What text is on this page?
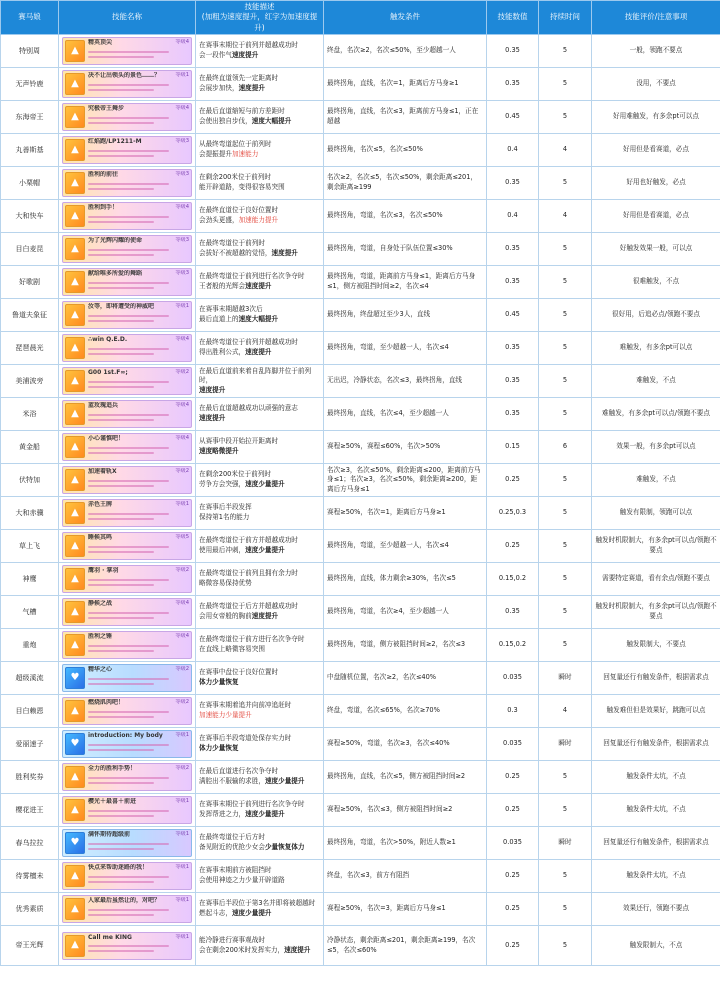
赛马娘	技能名称	技能描述
(加粗为速度提升，红字为加速度提升)	触发条件	技能数值	持续时间	技能评价/注意事项
特别周	▲
精英顶尖 等级4	在赛事末期位于前列并超越成功时
会一段作气速度提升	终盘，名次≥2，名次≤50%，至少超越一人	0.35	5	一般，领跑不要点
无声铃鹿	▲
决不让出领头的景色……？ 等级1	在最终直道领先一定距离时
会展步加快，速度提升	最终拐角，直线，名次=1，距离后方马身≥1	0.35	5	没用，不要点
东海帝王	▲
究极帝王舞步 等级4	在最后直道缩短与前方差距时
会使出独自步伐，速度大幅提升	最终拐角，直线，名次≤3，距离前方马身≤1，正在超越	0.45	5	好用难触发，有多余pt可以点
丸善斯基	▲
红焰跑/LP1211-M 等级3	从最终弯道起位于前列时
会提振提升加速能力	最终拐角，名次≤5，名次≤50%	0.4	4	好用但是看赛道，必点
小栗帽	▲
胜利的前往 等级3	在剩余200米位于前列时
能开辟道路，变得很容易突围	名次≥2，名次≤5，名次≤50%，剩余距离≤201，剩余距离≥199	0.35	5	好用也好触发，必点
大和快车	▲
胜利到手！ 等级4	在最终直道位于良好位置时
会劲头更盛，加速能力提升	最终拐角，弯道，名次≤3，名次≤50%	0.4	4	好用但是看赛道，必点
目白麦昆	▲
为了光辉闪耀的使命 等级3	在最终弯道位于前列时
会拔好不被超越的觉悟，速度提升	最终拐角，弯道，自身处于队伍位置≤30%	0.35	5	好触发效果一般，可以点
好歌剧	▲
献给唯多所爱的舞蹈 等级3	在最终弯道位于前列进行名次争夺时
王者般的光辉会速度提升	最终拐角，弯道，距离前方马身≤1，距离后方马身≤1，侧方被阻挡时间≥2，名次≤4	0.35	5	很难触发，不点
鲁道夫象征	▲
汝等，即将遭受的神威吧 等级1	在赛事末期超越3次后
最后直道上的速度大幅提升	最终拐角，终盘超过至少3人，直线	0.45	5	很好用，后追必点/领跑不要点
琵琶晨光	▲
∴win Q.E.D. 等级4	在最终弯道位于前列并超越成功时
得出胜利公式，速度提升	最终拐角，弯道，至少超越一人，名次≤4	0.35	5	难触发，有多余pt可以点
美浦波旁	▲
G00 1st.F∞; 等级2	在最后直道前来着自乱阵脚并位于前列时，
速度提升	无出迟，冷静状态，名次≤3，最终拐角，直线	0.35	5	难触发，不点
米浴	▲
蓝玫瑰追兵 等级4	在最后直道超越成功以顽强的意志
速度提升	最终拐角，直线，名次≤4，至少超越一人	0.35	5	难触发，有多余pt可以点/领跑不要点
黄金船	▲
小心谨慎吧！ 等级4	从赛事中段开始拉开距离时
速度略微提升	赛程≥50%，赛程≤60%，名次>50%	0.15	6	效果一般，有多余pt可以点
伏特加	▲
加速着轨X 等级2	在剩余200米位于前列时
劳争方会突强，速度少量提升	名次≥3，名次≤50%，剩余距离≤200，距离前方马身≤1；名次≥3，名次≤50%，剩余距离≥200，距离后方马身≤1	0.25	5	难触发，不点
大和赤骥	▲
赤色王牌 等级1	在赛事后半段发挥
保持第1名的能力	赛程≥50%，名次=1，距离后方马身≥1	0.25,0.3	5	触发有限制，领跑可以点
草上飞	▲
睡候其鸣 等级5	在最终弯道位于前方并超越成功时
使用最后冲刺，速度少量提升	最终拐角，弯道，至少超越一人，名次≤4	0.25	5	触发时机限制大，有多余pt可以点/领跑不要点
神鹰	▲
鹰羽 · 掌羽 等级2	在最终弯道位于前列且拥有余力时
略微容易保持优势	最终拐角，直线，体力剩余≥30%，名次≤5	0.15,0.2	5	需要特定赛道，看有余点/领跑不要点
气槽	▲
静候之战 等级4	在最终弯道位于后方并超越成功时
会用女帝般的胸前速度提升	最终拐角，弯道，名次≥4，至少超越一人	0.35	5	触发时机限制大，有多余pt可以点/领跑不要点
重炮	▲
胜利之锤 等级4	在最终弯道位于前方进行名次争夺时
在直线上略微容易突围	最终拐角，弯道，侧方被阻挡时间≥2，名次≤3	0.15,0.2	5	触发限制大，不要点
超级溪流	♥
精华之心 等级2	在赛事中盘位于良好位置时
体力少量恢复	中盘随机位置，名次≥2，名次≤40%	0.035	瞬时	回复量还行有触发条件，根据需求点
目白赖恩	▲
燃烧肌肉吧！ 等级2	在赛事末期着追并向前冲追赶时
加速能力少量提升	终盘，弯道，名次≤65%，名次≥70%	0.3	4	触发难但但是效果好，跳跑可以点
爱丽速子	♥
introduction: My body 等级1	在赛事后半段弯道处保存实力时
体力少量恢复	赛程≥50%，弯道，名次≥3，名次≤40%	0.035	瞬时	回复量还行有触发条件，根据需求点
胜利奖券	▲
全力的胜利手势！ 等级2	在最后直道进行名次争夺时
满腔出不服输的求胜，速度少量提升	最终拐角，直线，名次≤5，侧方被阻挡时间≥2	0.25	5	触发条件太坑，不点
樱花进王	▲
樱光＋最喜＋前进 等级1	在赛事末期位于前列进行名次争夺时
发挥帮进之力，速度少量提升	赛程≥50%，名次≤3，侧方被阻挡时间≥2	0.25	5	触发条件太坑，不点
春乌拉拉	♥
满怀期待超级前 等级1	在最终弯道位于后方时
备见附近的优抢少女会少量恢复体力	最终拐角，弯道，名次>50%，附近人数≥1	0.035	瞬时	回复量还行有触发条件，根据需求点
待雾檀未	▲
快点来帮助迷路的我！ 等级1	在赛事末期前方被阻挡时
会使用神迹之力少量开辟道路	终盘，名次≤3，前方有阻挡	0.25	5	触发条件太坑，不点
优秀素质	▲
人家最后虽然让的，对吧？ 等级1	在赛事后半段位于第3名并即将被超越时
燃起斗志，速度少量提升	赛程≥50%，名次=3，距离后方马身≤1	0.25	5	效果还行，领跑不要点
帝王光辉	▲
Call me KING 等级1	能冷静进行赛事观战时
会在剩余200米时发挥实力，速度提升	冷静状态，剩余距离≤201，剩余距离≥199，名次≤5，名次≤60%	0.25	5	触发限制大，不点
